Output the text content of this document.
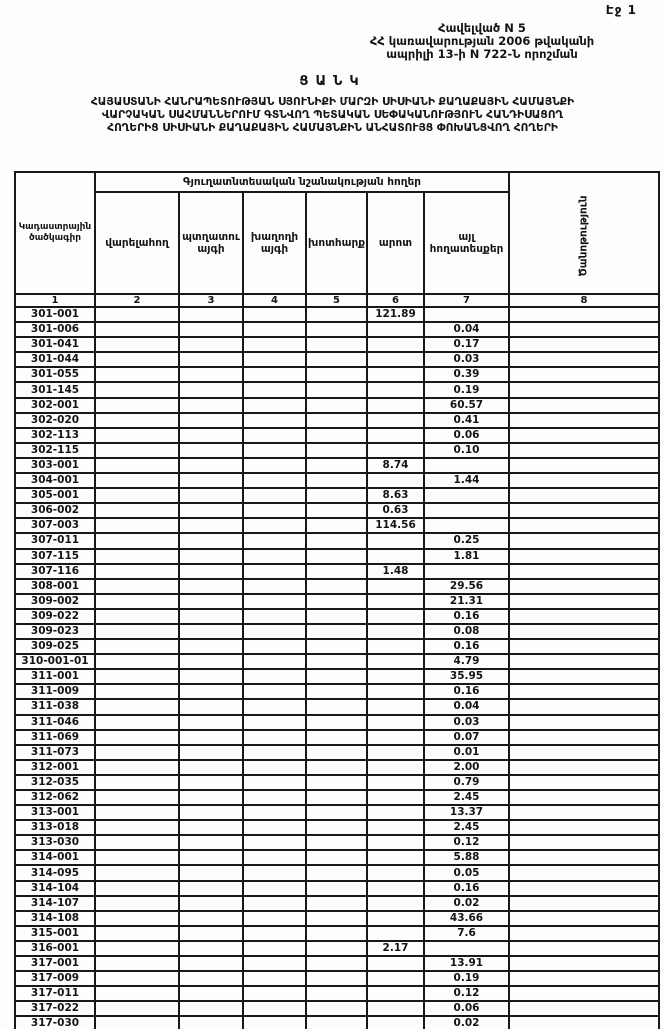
Էջ 1
Հավելված N 5
ՀՀ կառավարության 2006 թվականի
ապրիլի 13-ի N 722-Ն որոշման
ՑԱՆԿ
ՀԱՅԱՍՏԱՆԻ ՀԱՆՐԱՊԵՏՈՒԹՅԱՆ ՍՅՈՒՆԻՔԻ ՄԱՐԶԻ ՍԻՍԻԱՆԻ ՔԱՂԱՔԱՅԻՆ ՀԱՄԱՅՆՔԻ
ՎԱՐՉԱԿԱՆ ՍԱՀՄԱՆՆԵՐՈՒՄ ԳՏՆՎՈՂ ՊԵՏԱԿԱՆ ՍԵՓԱԿԱՆՈՒԹՅՈՒՆ ՀԱՆԴԻՍԱՑՈՂ
ՀՈՂԵՐԻՑ ՍԻՍԻԱՆԻ ՔԱՂԱՔԱՅԻՆ ՀԱՄԱՅՆՔԻՆ ԱՆՀԱՏՈՒՅՑ ՓՈԽԱՆՑՎՈՂ ՀՈՂԵՐԻ
Կադաստրային ծածկագիր	Գյուղատնտեսական նշանակության հողեր						Ծանոթություն
	վարելահող	պտղատու այգի	խաղողի այգի	խոտհարք	արոտ	այլ հողատեսքեր	
1	2	3	4	5	6	7	8
301-001					121.89		
301-006						0.04	
301-041						0.17	
301-044						0.03	
301-055						0.39	
301-145						0.19	
302-001						60.57	
302-020						0.41	
302-113						0.06	
302-115						0.10	
303-001					8.74		
304-001						1.44	
305-001					8.63		
306-002					0.63		
307-003					114.56		
307-011						0.25	
307-115						1.81	
307-116					1.48		
308-001						29.56	
309-002						21.31	
309-022						0.16	
309-023						0.08	
309-025						0.16	
310-001-01						4.79	
311-001						35.95	
311-009						0.16	
311-038						0.04	
311-046						0.03	
311-069						0.07	
311-073						0.01	
312-001						2.00	
312-035						0.79	
312-062						2.45	
313-001						13.37	
313-018						2.45	
313-030						0.12	
314-001						5.88	
314-095						0.05	
314-104						0.16	
314-107						0.02	
314-108						43.66	
315-001						7.6	
316-001					2.17		
317-001						13.91	
317-009						0.19	
317-011						0.12	
317-022						0.06	
317-030						0.02	
